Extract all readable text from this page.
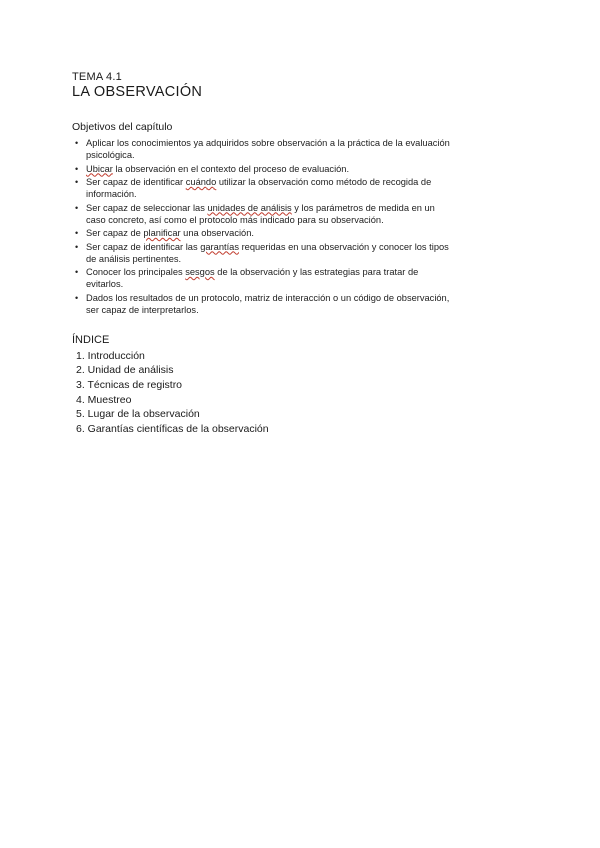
TEMA 4.1

LA OBSERVACIÓN

Objetivos del capítulo

• Aplicar los conocimientos ya adquiridos sobre observación a la práctica de la evaluación psicológica.
• Ubicar la observación en el contexto del proceso de evaluación.
• Ser capaz de identificar cuándo utilizar la observación como método de recogida de información.
• Ser capaz de seleccionar las unidades de análisis y los parámetros de medida en un caso concreto, así como el protocolo más indicado para su observación.
• Ser capaz de planificar una observación.
• Ser capaz de identificar las garantías requeridas en una observación y conocer los tipos de análisis pertinentes.
• Conocer los principales sesgos de la observación y las estrategias para tratar de evitarlos.
• Dados los resultados de un protocolo, matriz de interacción o un código de observación, ser capaz de interpretarlos.

ÍNDICE

1. Introducción
2. Unidad de análisis
3. Técnicas de registro
4. Muestreo
5. Lugar de la observación
6. Garantías científicas de la observación
